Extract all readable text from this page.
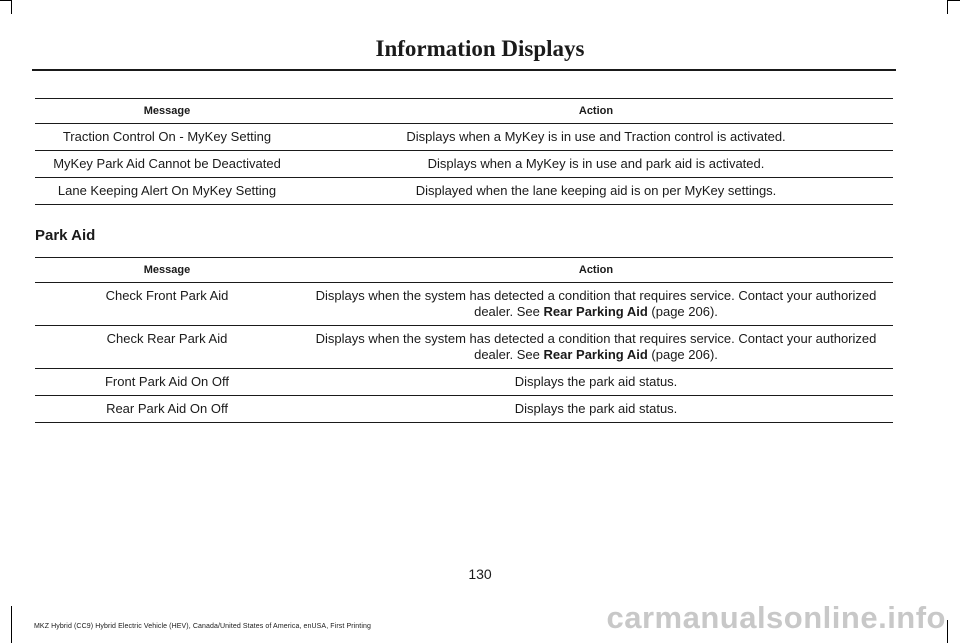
Information Displays
Message	Action
Traction Control On - MyKey Setting	Displays when a MyKey is in use and Traction control is activated.
MyKey Park Aid Cannot be Deactivated	Displays when a MyKey is in use and park aid is activated.
Lane Keeping Alert On MyKey Setting	Displayed when the lane keeping aid is on per MyKey settings.
Park Aid
Message	Action
Check Front Park Aid	Displays when the system has detected a condition that requires service. Contact your authorized dealer. See Rear Parking Aid (page 206).
Check Rear Park Aid	Displays when the system has detected a condition that requires service. Contact your authorized dealer. See Rear Parking Aid (page 206).
Front Park Aid On Off	Displays the park aid status.
Rear Park Aid On Off	Displays the park aid status.
130
MKZ Hybrid (CC9) Hybrid Electric Vehicle (HEV), Canada/United States of America, enUSA, First Printing	carmanualsonline.info
